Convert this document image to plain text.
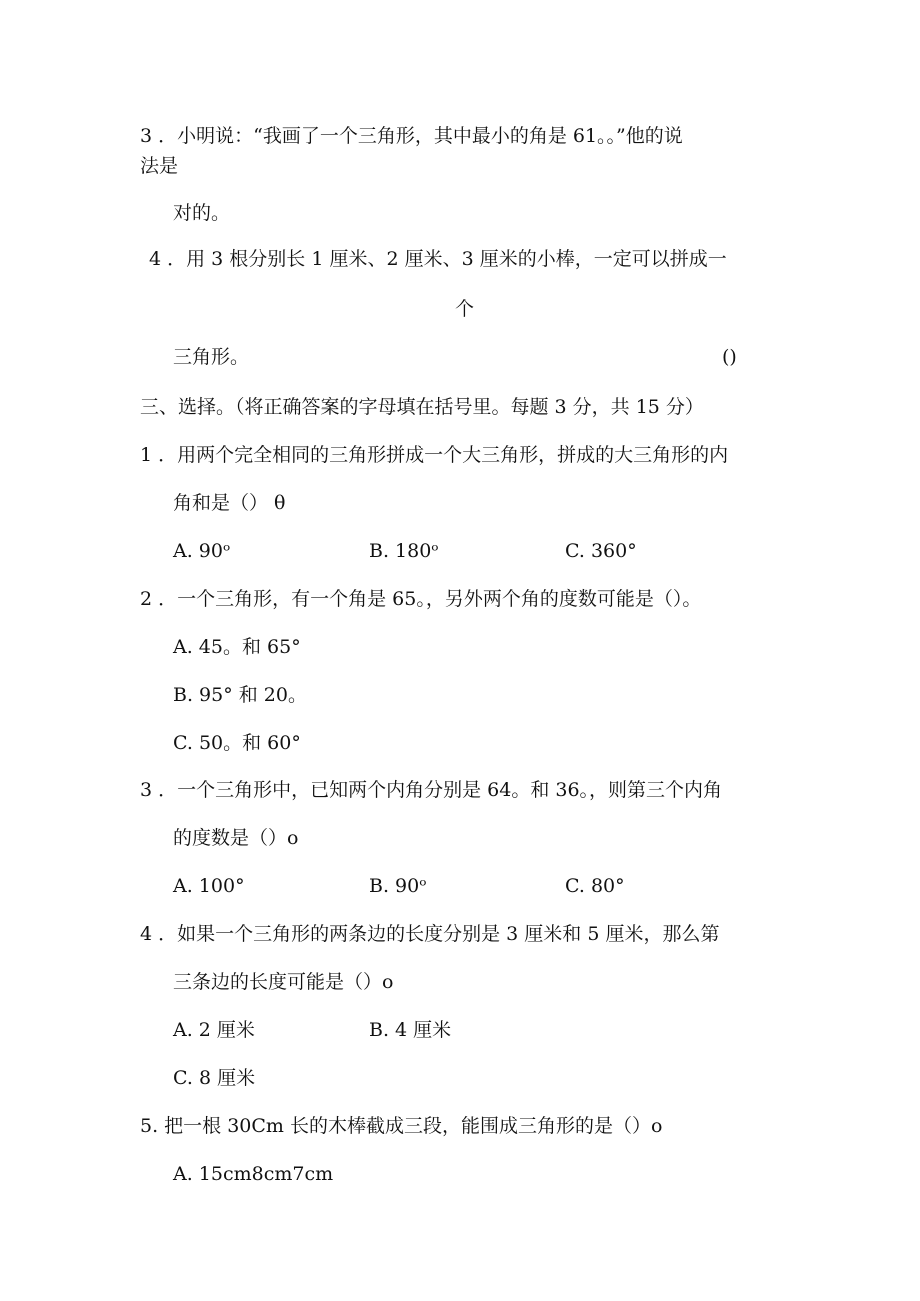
3 ．小明说：“我画了一个三角形，其中最小的角是 61。。”他的说
法是
对的。
4 ．用 3 根分别长 1 厘米、2 厘米、3 厘米的小棒，一定可以拼成一
个
三角形。	()
三、选择。（将正确答案的字母填在括号里。每题 3 分，共 15 分）
1 ．用两个完全相同的三角形拼成一个大三角形，拼成的大三角形的内
角和是（） θ
A. 90ᵒ	B. 180ᵒ	C. 360°
2 ．一个三角形，有一个角是 65。，另外两个角的度数可能是（）。
A. 45。和 65°
B. 95° 和 20。
C. 50。和 60°
3 ．一个三角形中，已知两个内角分别是 64。和 36。，则第三个内角
的度数是（）o
A. 100°	B. 90ᵒ	C. 80°
4 ．如果一个三角形的两条边的长度分别是 3 厘米和 5 厘米，那么第
三条边的长度可能是（）o
A. 2 厘米	B. 4 厘米
C. 8 厘米
5. 把一根 30Cm 长的木棒截成三段，能围成三角形的是（）o
A. 15cm8cm7cm
